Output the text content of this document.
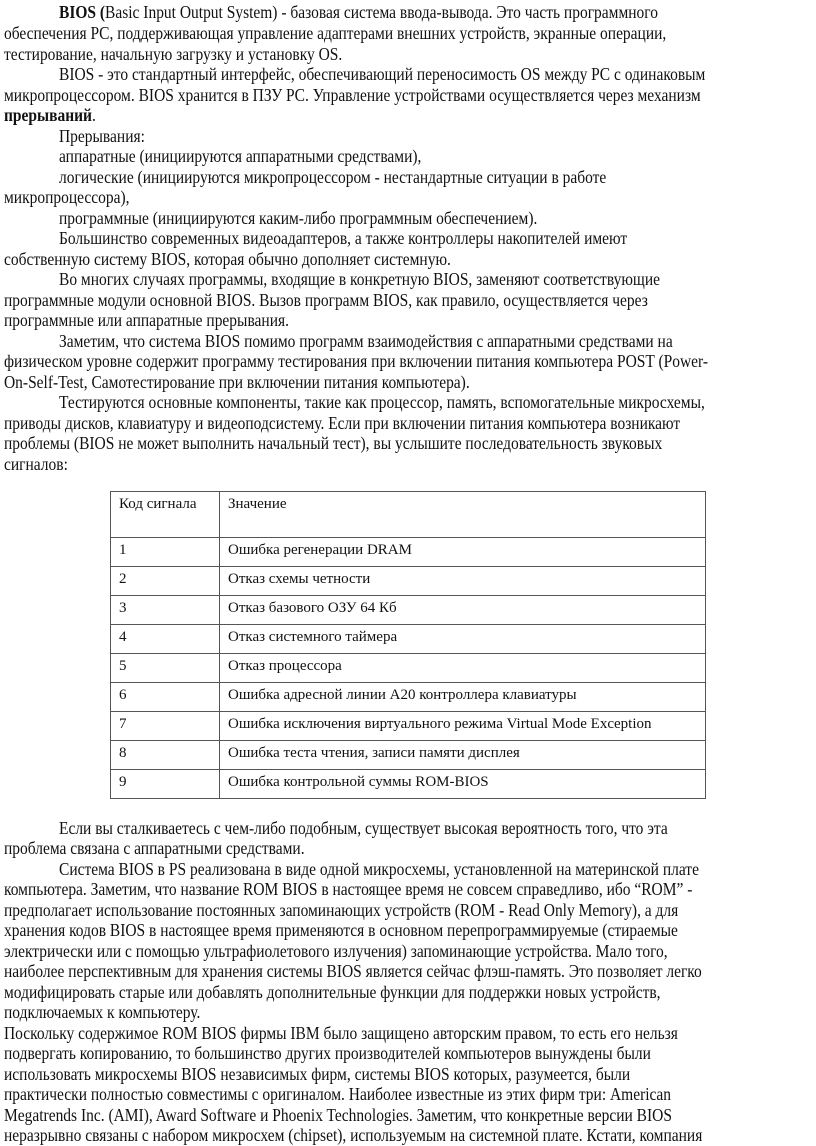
BIOS (Basic Input Output System) - базовая система ввода-вывода. Это часть программного
обеспечения PC, поддерживающая управление адаптерами внешних устройств, экранные операции,
тестирование, начальную загрузку и установку OS.
BIOS - это стандартный интерфейс, обеспечивающий переносимость OS между PC с одинаковым
микропроцессором. BIOS хранится в ПЗУ PC. Управление устройствами осуществляется через механизм
прерываний.
Прерывания:
аппаратные (инициируются аппаратными средствами),
логические (инициируются микропроцессором - нестандартные ситуации в работе
микропроцессора),
программные (инициируются каким-либо программным обеспечением).
Большинство современных видеоадаптеров, а также контроллеры накопителей имеют
собственную систему BIOS, которая обычно дополняет системную.
Во многих случаях программы, входящие в конкретную BIOS, заменяют соответствующие
программные модули основной BIOS. Вызов программ BIOS, как правило, осуществляется через
программные или аппаратные прерывания.
Заметим, что система BIOS помимо программ взаимодействия с аппаратными средствами на
физическом уровне содержит программу тестирования при включении питания компьютера POST (Power-
On-Self-Test, Самотестирование при включении питания компьютера).
Тестируются основные компоненты, такие как процессор, память, вспомогательные микросхемы,
приводы дисков, клавиатуру и видеоподсистему. Если при включении питания компьютера возникают
проблемы (BIOS не может выполнить начальный тест), вы услышите последовательность звуковых
сигналов:
Код сигнала	Значение
1	Ошибка регенерации DRAM
2	Отказ схемы четности
3	Отказ базового ОЗУ 64 Кб
4	Отказ системного таймера
5	Отказ процессора
6	Ошибка адресной линии A20 контроллера клавиатуры
7	Ошибка исключения виртуального режима Virtual Mode Exception
8	Ошибка теста чтения, записи памяти дисплея
9	Ошибка контрольной суммы ROM-BIOS
Если вы сталкиваетесь с чем-либо подобным, существует высокая вероятность того, что эта
проблема связана с аппаратными средствами.
Система BIOS в PS реализована в виде одной микросхемы, установленной на материнской плате
компьютера. Заметим, что название ROM BIOS в настоящее время не совсем справедливо, ибо “ROM” -
предполагает использование постоянных запоминающих устройств (ROM - Read Only Memory), а для
хранения кодов BIOS в настоящее время применяются в основном перепрограммируемые (стираемые
электрически или с помощью ультрафиолетового излучения) запоминающие устройства. Мало того,
наиболее перспективным для хранения системы BIOS является сейчас флэш-память. Это позволяет легко
модифицировать старые или добавлять дополнительные функции для поддержки новых устройств,
подключаемых к компьютеру.
Поскольку содержимое ROM BIOS фирмы IBM было защищено авторским правом, то есть его нельзя
подвергать копированию, то большинство других производителей компьютеров вынуждены были
использовать микросхемы BIOS независимых фирм, системы BIOS которых, разумеется, были
практически полностью совместимы с оригиналом. Наиболее известные из этих фирм три: American
Megatrends Inc. (AMI), Award Software и Phoenix Technologies. Заметим, что конкретные версии BIOS
неразрывно связаны с набором микросхем (chipset), используемым на системной плате. Кстати, компания
